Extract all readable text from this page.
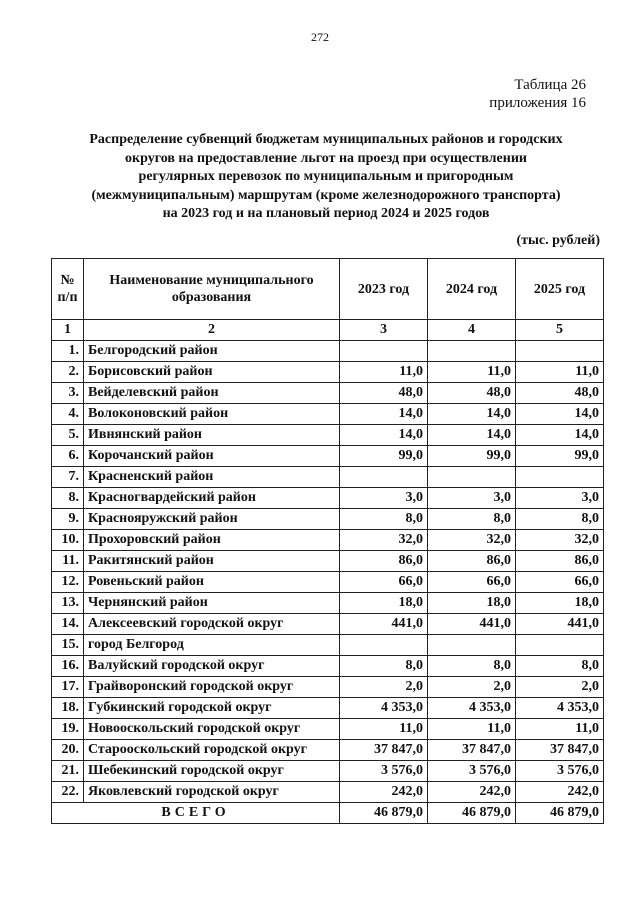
272
Таблица 26
приложения 16
Распределение субвенций бюджетам муниципальных районов и городских
округов на предоставление льгот на проезд при осуществлении
регулярных перевозок по муниципальным и пригородным
(межмуниципальным) маршрутам (кроме железнодорожного транспорта)
на 2023 год и на плановый период 2024 и 2025 годов
(тыс. рублей)
№ п/п	Наименование муниципального образования	2023 год	2024 год	2025 год
1	2	3	4	5
1.	Белгородский район			
2.	Борисовский район	11,0	11,0	11,0
3.	Вейделевский район	48,0	48,0	48,0
4.	Волоконовский район	14,0	14,0	14,0
5.	Ивнянский район	14,0	14,0	14,0
6.	Корочанский район	99,0	99,0	99,0
7.	Красненский район			
8.	Красногвардейский район	3,0	3,0	3,0
9.	Краснояружский район	8,0	8,0	8,0
10.	Прохоровский район	32,0	32,0	32,0
11.	Ракитянский район	86,0	86,0	86,0
12.	Ровеньский район	66,0	66,0	66,0
13.	Чернянский район	18,0	18,0	18,0
14.	Алексеевский городской округ	441,0	441,0	441,0
15.	город Белгород			
16.	Валуйский городской округ	8,0	8,0	8,0
17.	Грайворонский городской округ	2,0	2,0	2,0
18.	Губкинский городской округ	4 353,0	4 353,0	4 353,0
19.	Новооскольский городской округ	11,0	11,0	11,0
20.	Старооскольский городской округ	37 847,0	37 847,0	37 847,0
21.	Шебекинский городской округ	3 576,0	3 576,0	3 576,0
22.	Яковлевский городской округ	242,0	242,0	242,0
ВСЕГО		46 879,0	46 879,0	46 879,0
